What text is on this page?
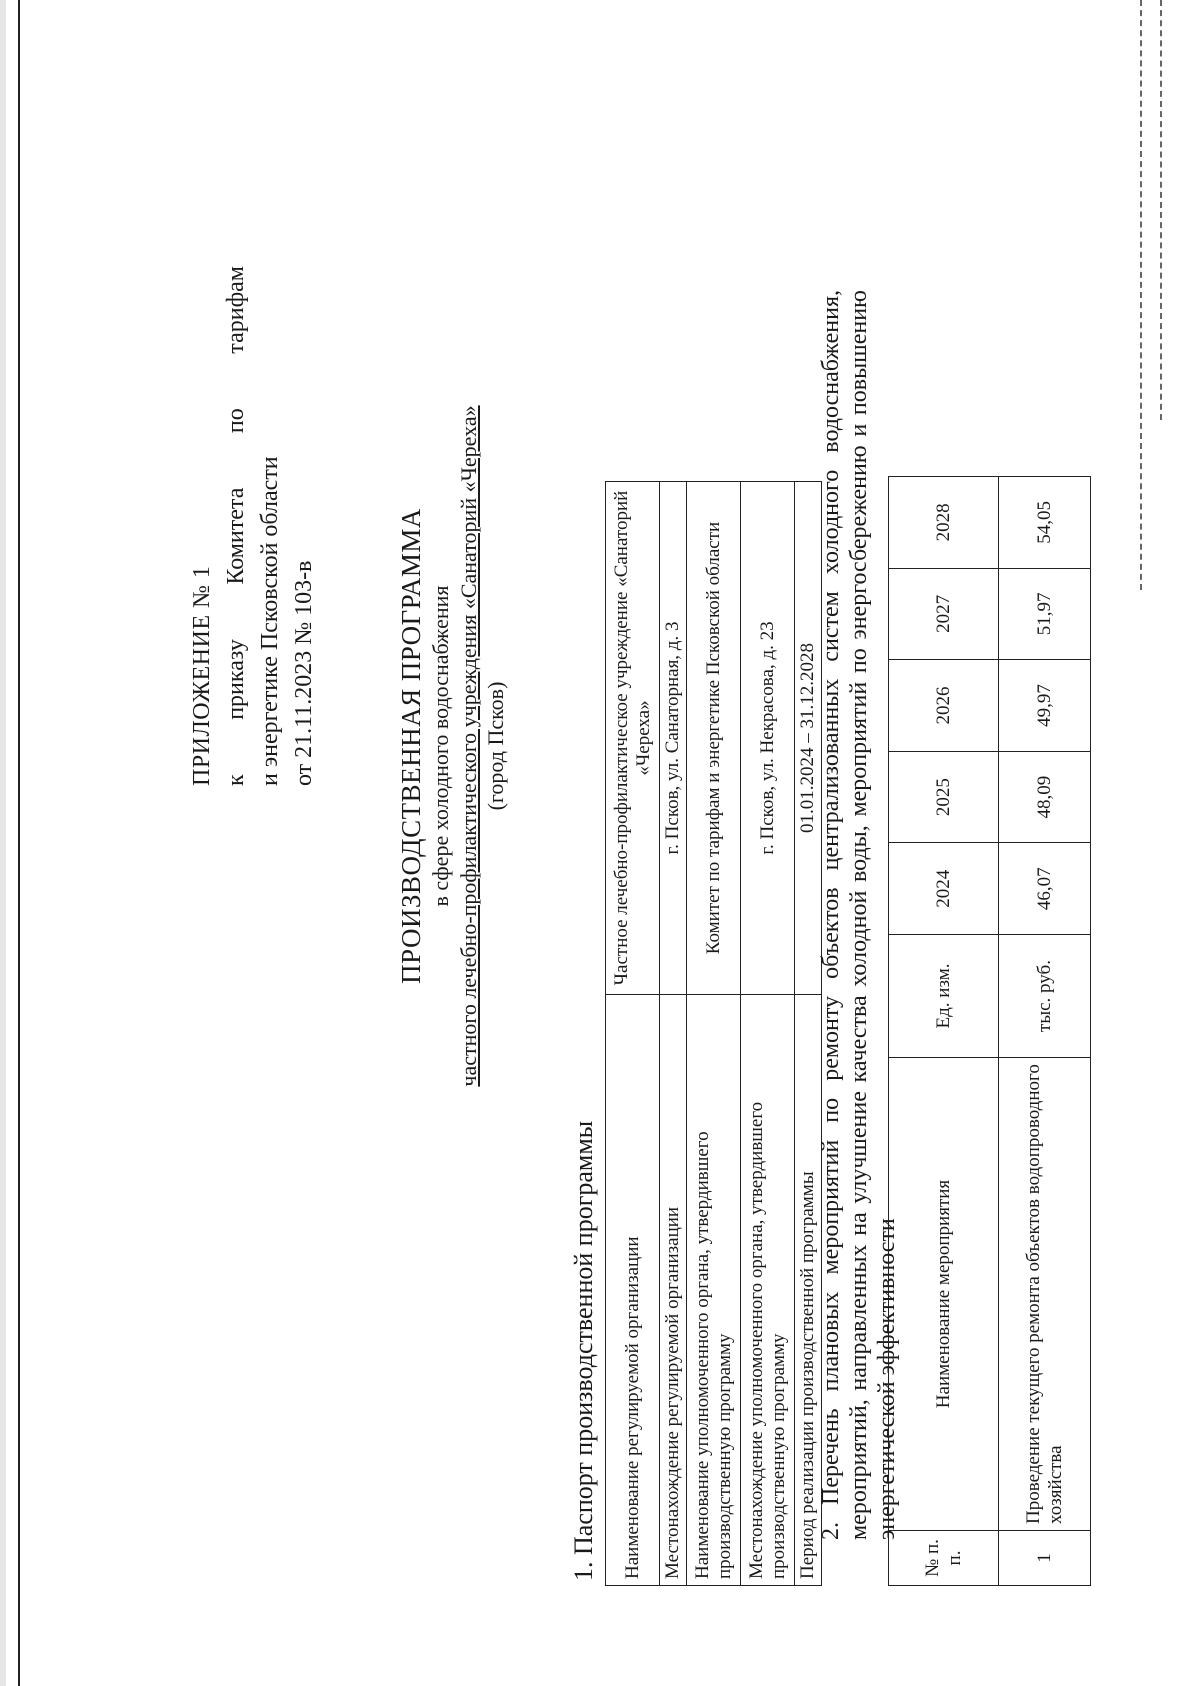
ПРИЛОЖЕНИЕ № 1 к
приказу
Комитета
по
тарифам
и энергетике Псковской области от 21.11.2023 № 103-в	ПРОИЗВОДСТВЕННАЯ ПРОГРАММА в сфере холодного водоснабжения частного лечебно-профилактического учреждения «Санаторий «Череха» (город Псков)
1. Паспорт производственной программы Наименование регулируемой организации	Частное лечебно-профилактическое учреждение «Санаторий «Череха»
Местонахождение регулируемой организации	г. Псков, ул. Санаторная, д. 3
Наименование уполномоченного органа, утвердившего производственную программу	Комитет по тарифам и энергетике Псковской области
Местонахождение уполномоченного органа, утвердившего производственную программу	г. Псков, ул. Некрасова, д. 23
Период реализации производственной программы	01.01.2024 – 31.12.2028 2. Перечень плановых мероприятий по ремонту объектов централизованных систем холодного водоснабжения, мероприятий, направленных на улучшение качества холодной воды, мероприятий по энергосбережению и повышению энергетической эффективности
№ п. п.	Наименование мероприятия	Ед. изм.	2024	2025	2026	2027	2028
1	Проведение текущего ремонта объектов водопроводного хозяйства	тыс. руб.	46,07	48,09	49,97	51,97	54,05
